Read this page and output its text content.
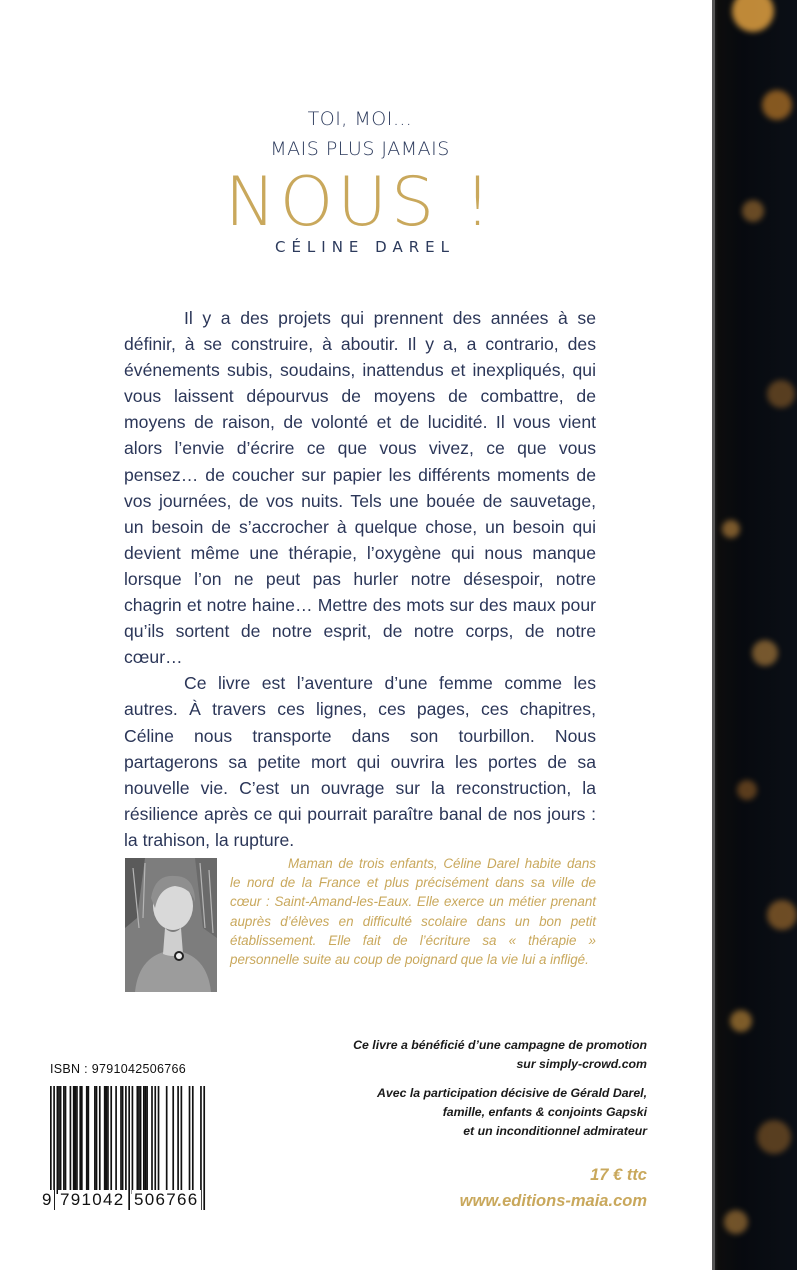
TOI, MOI…
MAIS PLUS JAMAIS
NOUS !
CÉLINE DAREL

Il y a des projets qui prennent des années à se définir, à se construire, à aboutir. Il y a, a contrario, des événements subis, soudains, inattendus et inexpliqués, qui vous laissent dépourvus de moyens de combattre, de moyens de raison, de volonté et de lucidité. Il vous vient alors l’envie d’écrire ce que vous vivez, ce que vous pensez… de coucher sur papier les différents moments de vos journées, de vos nuits. Tels une bouée de sauvetage, un besoin de s’accrocher à quelque chose, un besoin qui devient même une thérapie, l’oxygène qui nous manque lorsque l’on ne peut pas hurler notre désespoir, notre chagrin et notre haine… Mettre des mots sur des maux pour qu’ils sortent de notre esprit, de notre corps, de notre cœur…

Ce livre est l’aventure d’une femme comme les autres. À travers ces lignes, ces pages, ces chapitres, Céline nous transporte dans son tourbillon. Nous partagerons sa petite mort qui ouvrira les portes de sa nouvelle vie. C’est un ouvrage sur la reconstruction, la résilience après ce qui pourrait paraître banal de nos jours : la trahison, la rupture.

Maman de trois enfants, Céline Darel habite dans le nord de la France et plus précisément dans sa ville de cœur : Saint-Amand-les-Eaux. Elle exerce un métier prenant auprès d’élèves en difficulté scolaire dans un bon petit établissement. Elle fait de l’écriture sa « thérapie » personnelle suite au coup de poignard que la vie lui a infligé.

Ce livre a bénéficié d’une campagne de promotion
sur simply-crowd.com
Avec la participation décisive de Gérald Darel,
famille, enfants & conjoints Gapski
et un inconditionnel admirateur
17 € ttc
www.editions-maia.com
ISBN : 9791042506766
9 791042 506766
